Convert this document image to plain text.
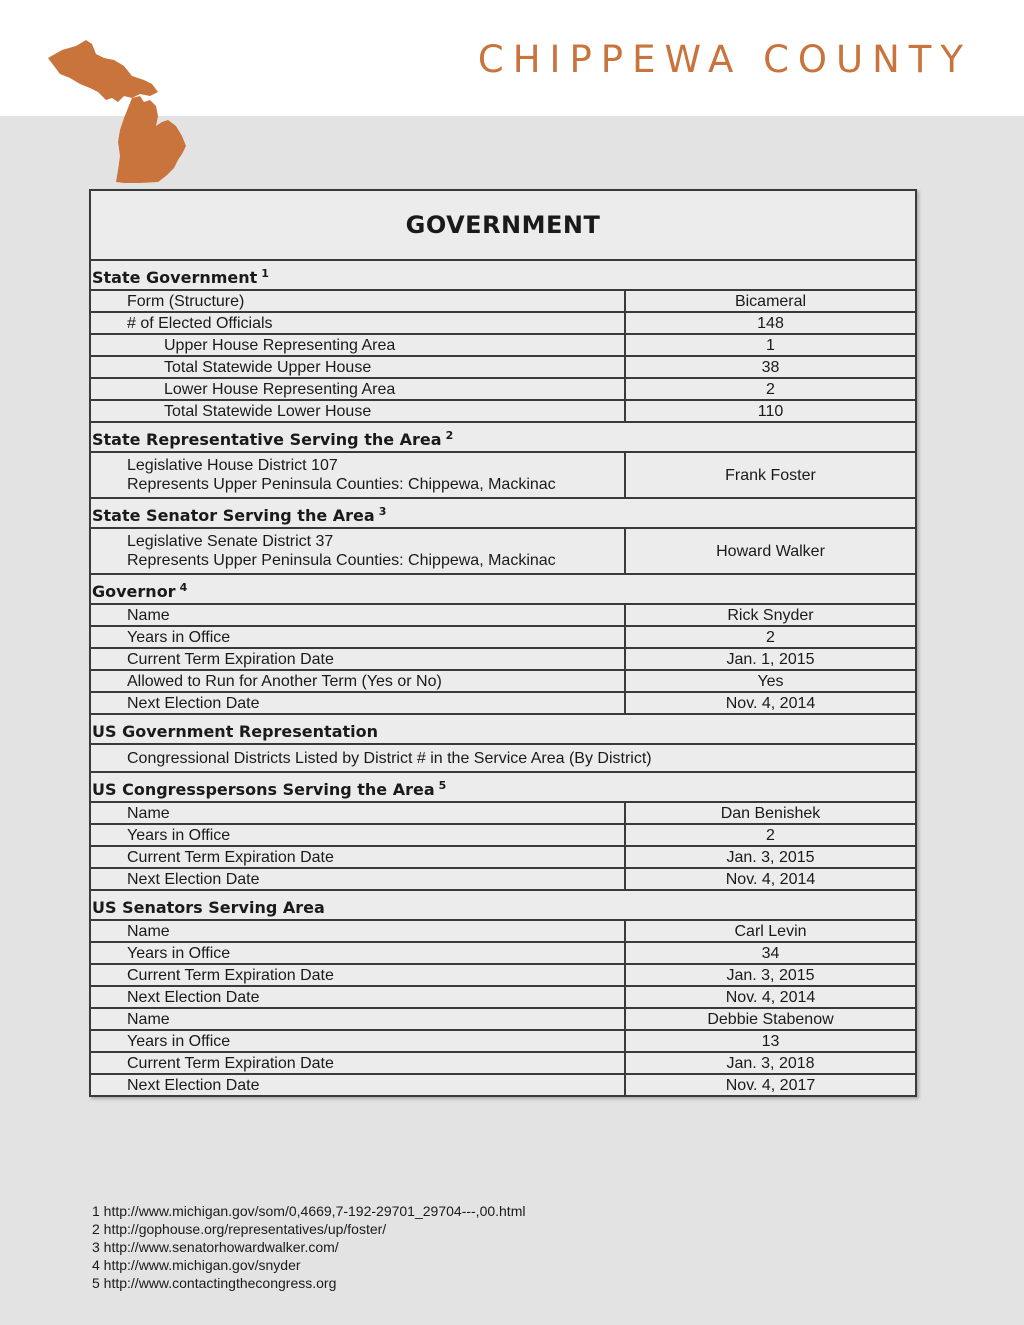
CHIPPEWA COUNTY
GOVERNMENT	
State Government $^1$
Form (Structure)	Bicameral
# of Elected Officials	148
Upper House Representing Area	1
Total Statewide Upper House	38
Lower House Representing Area	2
Total Statewide Lower House	110
State Representative Serving the Area $^2$

Legislative House District 107
Represents Upper Peninsula Counties: Chippewa, Mackinac	Frank Foster
State Senator Serving the Area $^3$

Legislative Senate District 37
Represents Upper Peninsula Counties: Chippewa, Mackinac	Howard Walker
Governor $^4$
Name	Rick Snyder
Years in Office	2
Current Term Expiration Date	Jan. 1, 2015
Allowed to Run for Another Term (Yes or No)	Yes
Next Election Date	Nov. 4, 2014
US Government Representation	
Congressional Districts Listed by District # in the Service Area (By District)	
US Congresspersons Serving the Area $^5$
Name	Dan Benishek
Years in Office	2
Current Term Expiration Date	Jan. 3, 2015
Next Election Date	Nov. 4, 2014
US Senators Serving Area	
Name	Carl Levin
Years in Office	34
Current Term Expiration Date	Jan. 3, 2015
Next Election Date	Nov. 4, 2014
Name	Debbie Stabenow
Years in Office	13
Current Term Expiration Date	Jan. 3, 2018
Next Election Date	Nov. 4, 2017
1 http://www.michigan.gov/som/0,4669,7-192-29701_29704---,00.html
2 http://gophouse.org/representatives/up/foster/
3 http://www.senatorhowardwalker.com/
4 http://www.michigan.gov/snyder
5 http://www.contactingthecongress.org
